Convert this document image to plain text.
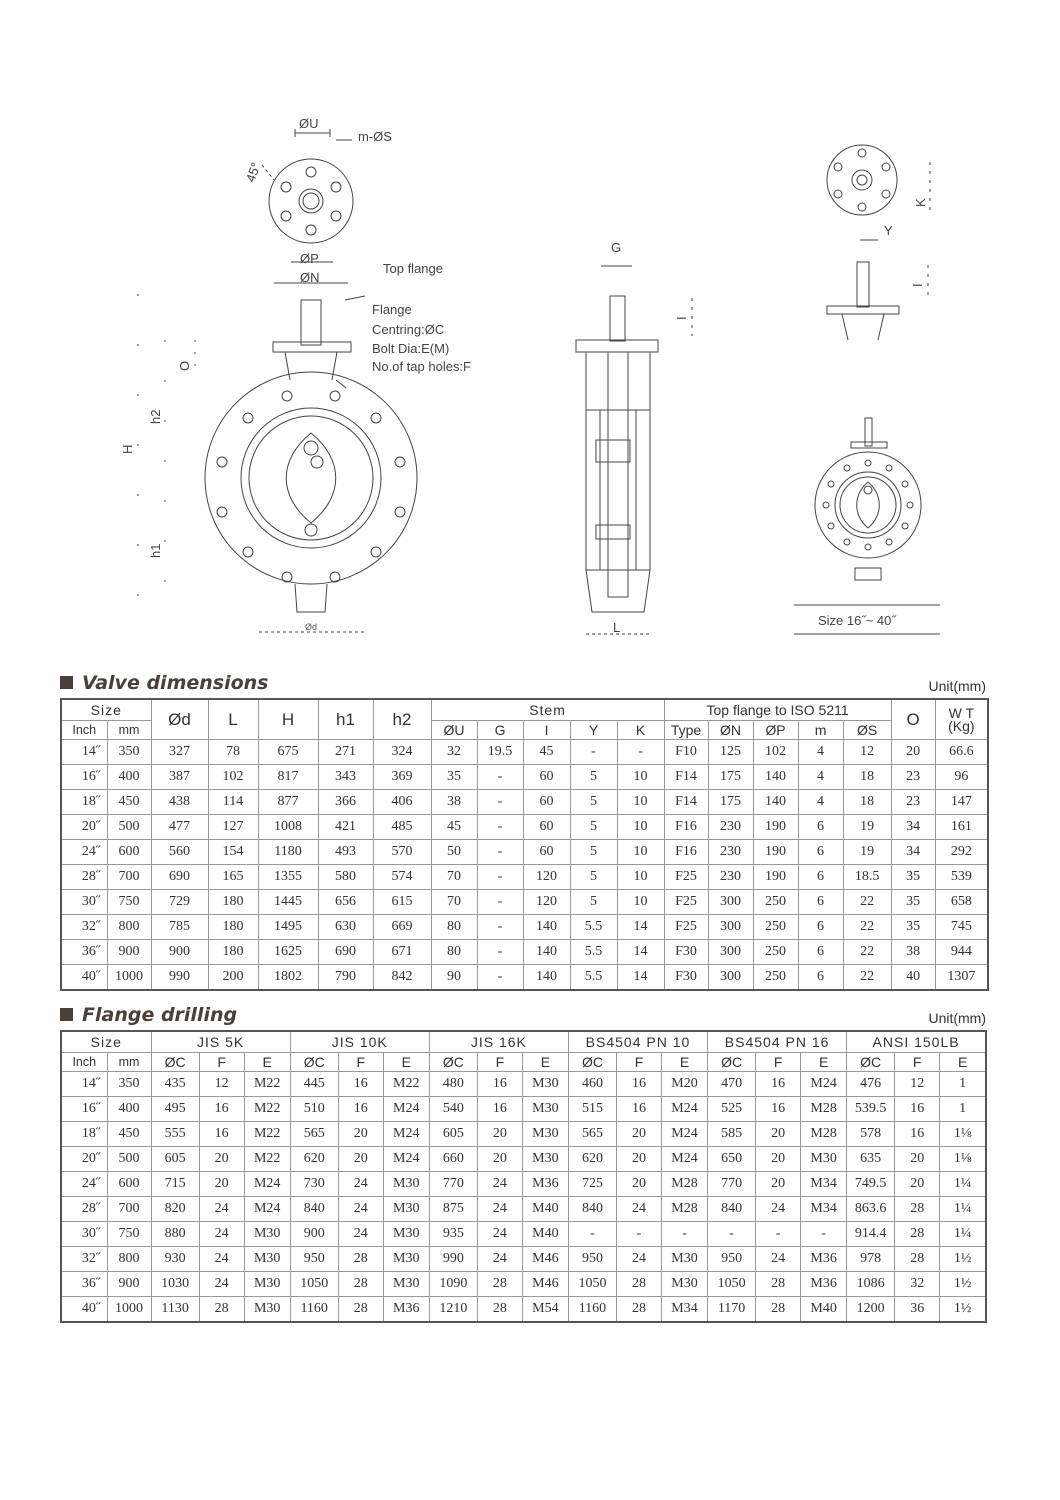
ØU
m-ØS
45°
ØP
ØN
Top flange
Flange
Centring:ØC
Bolt Dia:E(M)
No.of tap holes:F
O
h2
H
h1
Ød
G
I
L
K
Y
I
Size 16˝~ 40˝
Valve dimensions	Unit(mm)
Size		Ød	L	H	h1	h2	Stem					Top flange to ISO 5211					O	W T
(Kg)
Inch	mm						ØU	G	I	Y	K	Type	ØN	ØP	m	ØS		
14˝	350	327	78	675	271	324	32	19.5	45	-	-	F10	125	102	4	12	20	66.6
16˝	400	387	102	817	343	369	35	-	60	5	10	F14	175	140	4	18	23	96
18˝	450	438	114	877	366	406	38	-	60	5	10	F14	175	140	4	18	23	147
20˝	500	477	127	1008	421	485	45	-	60	5	10	F16	230	190	6	19	34	161
24˝	600	560	154	1180	493	570	50	-	60	5	10	F16	230	190	6	19	34	292
28˝	700	690	165	1355	580	574	70	-	120	5	10	F25	230	190	6	18.5	35	539
30˝	750	729	180	1445	656	615	70	-	120	5	10	F25	300	250	6	22	35	658
32˝	800	785	180	1495	630	669	80	-	140	5.5	14	F25	300	250	6	22	35	745
36˝	900	900	180	1625	690	671	80	-	140	5.5	14	F30	300	250	6	22	38	944
40˝	1000	990	200	1802	790	842	90	-	140	5.5	14	F30	300	250	6	22	40	1307
Flange drilling	Unit(mm)
Size		JIS 5K			JIS 10K			JIS 16K			BS4504 PN 10			BS4504 PN 16			ANSI 150LB		
Inch	mm	ØC	F	E	ØC	F	E	ØC	F	E	ØC	F	E	ØC	F	E	ØC	F	E
14˝	350	435	12	M22	445	16	M22	480	16	M30	460	16	M20	470	16	M24	476	12	1
16˝	400	495	16	M22	510	16	M24	540	16	M30	515	16	M24	525	16	M28	539.5	16	1
18˝	450	555	16	M22	565	20	M24	605	20	M30	565	20	M24	585	20	M28	578	16	1⅛
20˝	500	605	20	M22	620	20	M24	660	20	M30	620	20	M24	650	20	M30	635	20	1⅛
24˝	600	715	20	M24	730	24	M30	770	24	M36	725	20	M28	770	20	M34	749.5	20	1¼
28˝	700	820	24	M24	840	24	M30	875	24	M40	840	24	M28	840	24	M34	863.6	28	1¼
30˝	750	880	24	M30	900	24	M30	935	24	M40	-	-	-	-	-	-	914.4	28	1¼
32˝	800	930	24	M30	950	28	M30	990	24	M46	950	24	M30	950	24	M36	978	28	1½
36˝	900	1030	24	M30	1050	28	M30	1090	28	M46	1050	28	M30	1050	28	M36	1086	32	1½
40˝	1000	1130	28	M30	1160	28	M36	1210	28	M54	1160	28	M34	1170	28	M40	1200	36	1½
